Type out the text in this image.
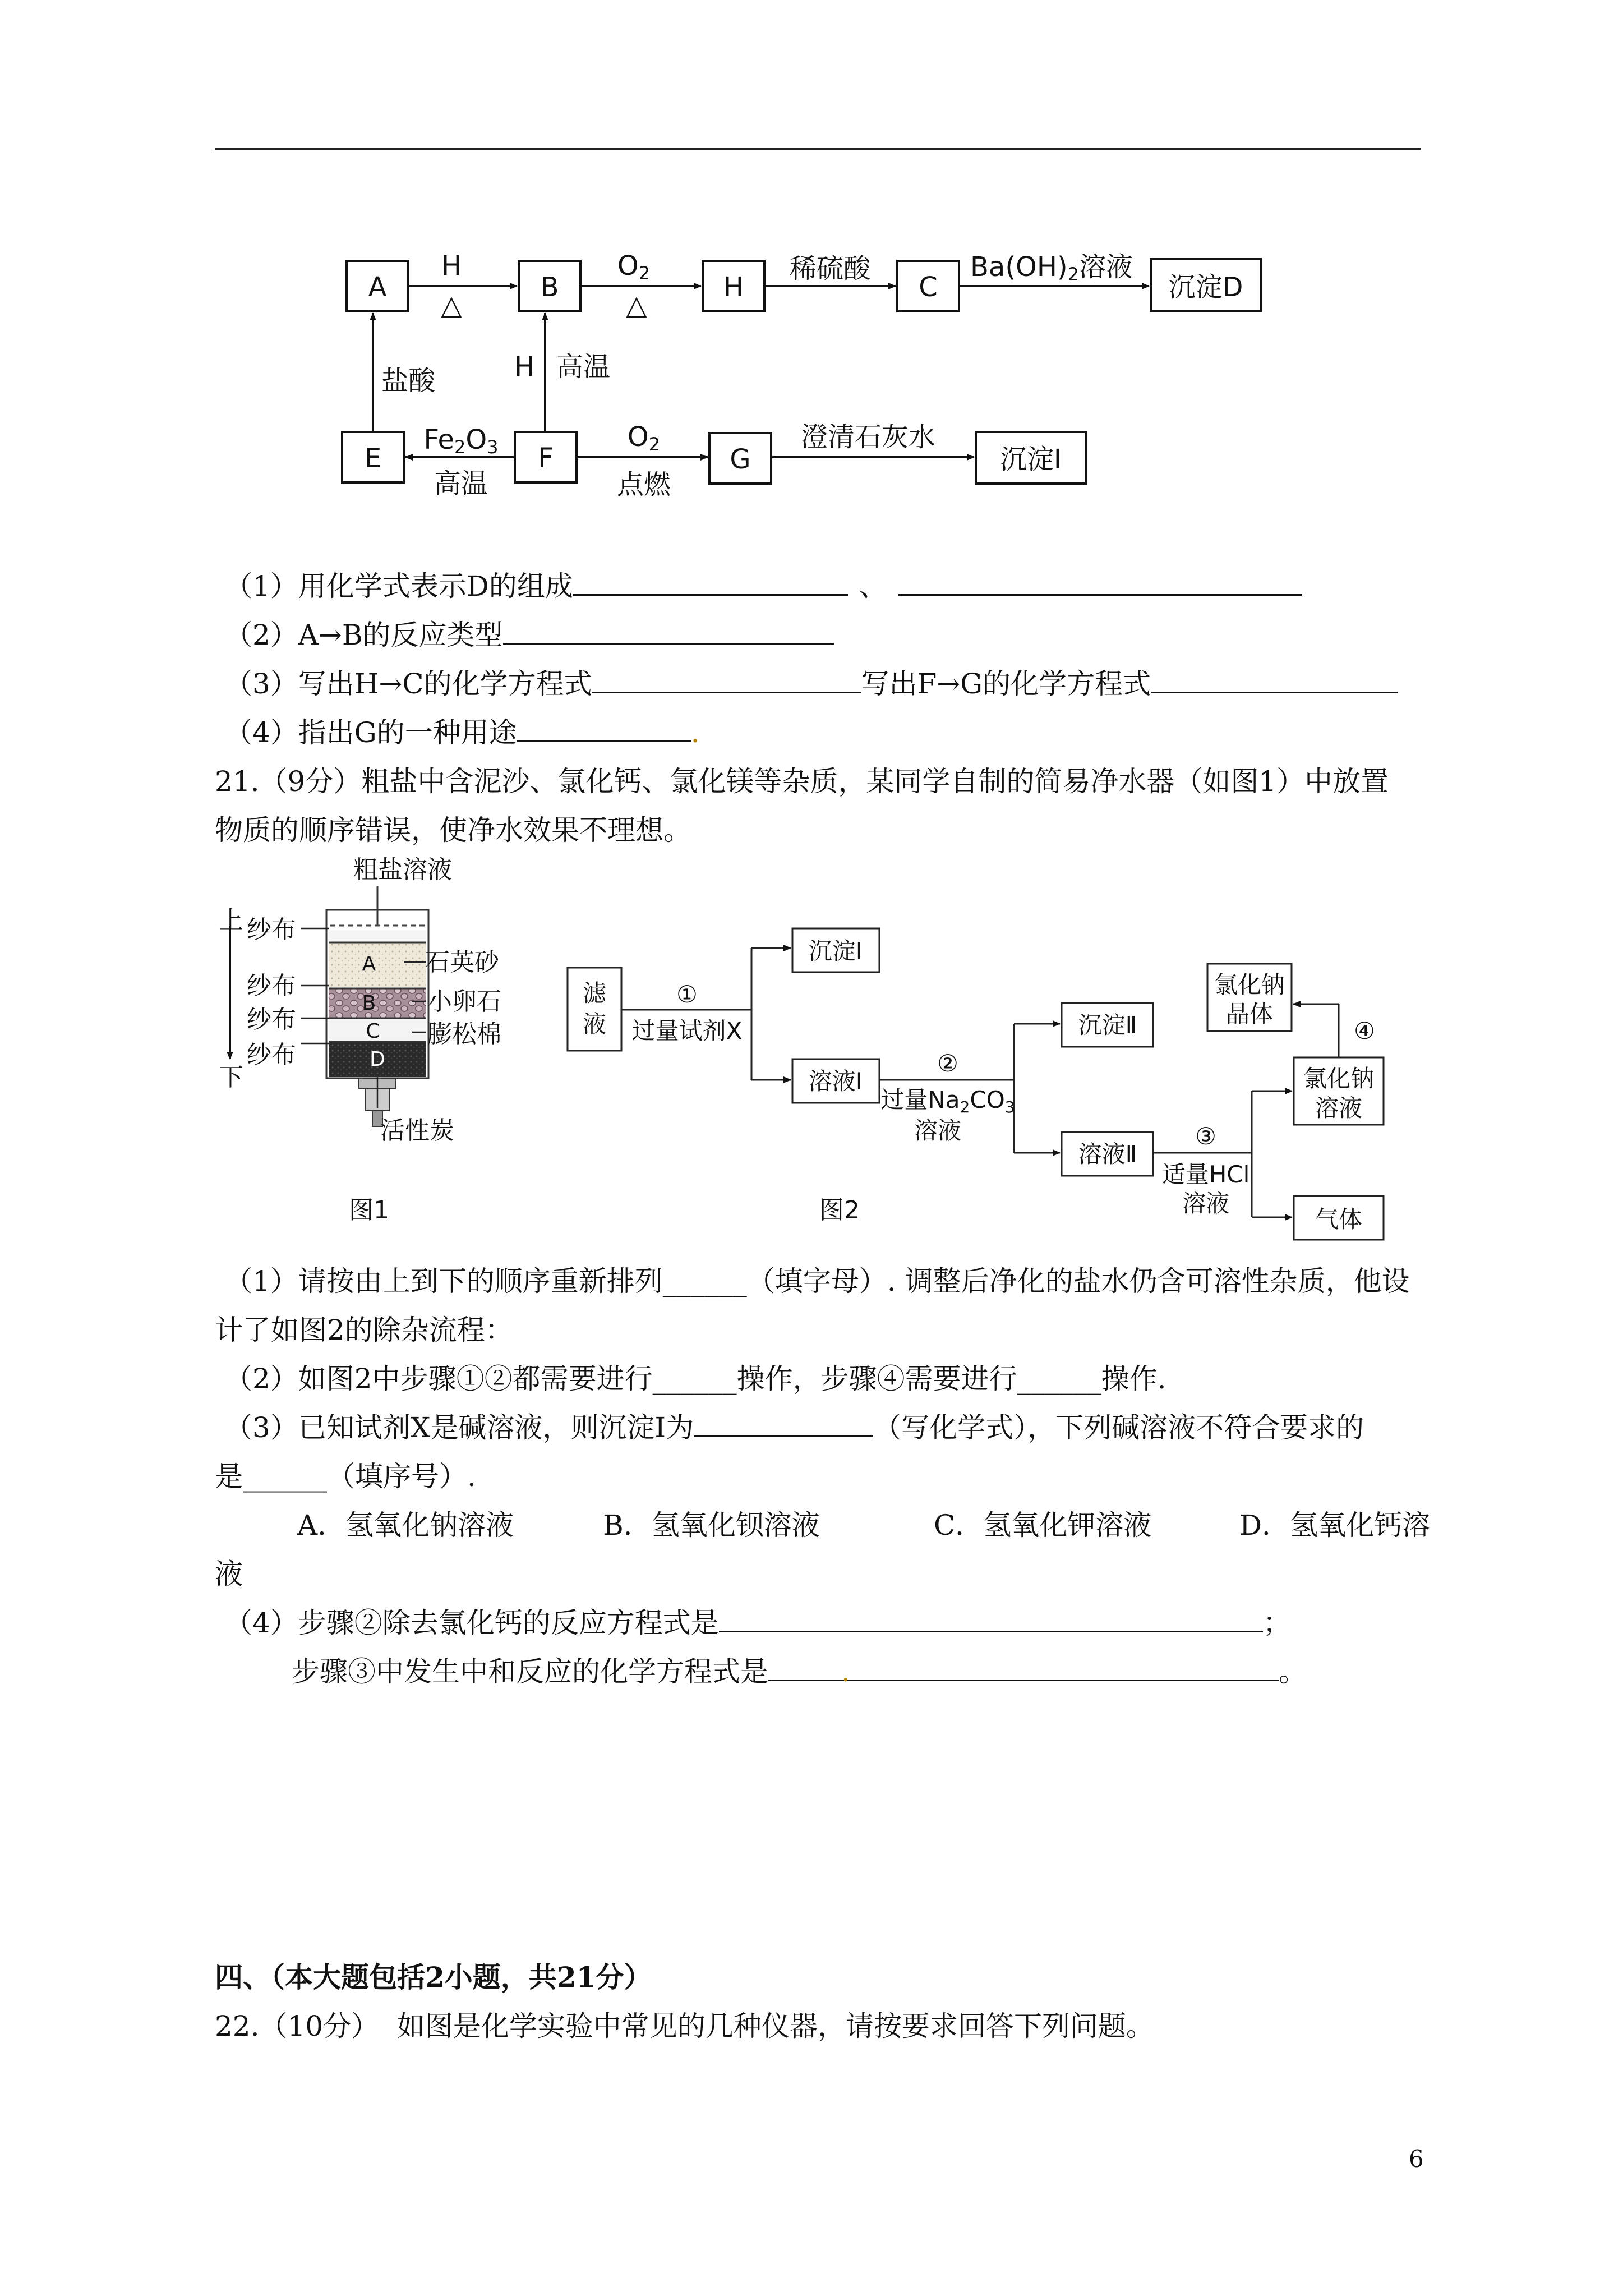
A	B	H	C	沉淀D
E	F	G	沉淀I
H
△
O2
△
稀硫酸	Ba(OH)2溶液
盐酸	H 高温
Fe2O3
高温
O2
点燃
澄清石灰水
（1）用化学式表示D的组成	、
（2）A→B的反应类型
（3）写出H→C的化学方程式	写出F→G的化学方程式
（4）指出G的一种用途	.
21.（9分）粗盐中含泥沙、氯化钙、氯化镁等杂质，某同学自制的简易净水器（如图1）中放置
物质的顺序错误，使净水效果不理想。
粗盐溶液
上
下
纱布
纱布
纱布
纱布
石英砂
小卵石
膨松棉
活性炭
图1
A
B
C
D
滤
液
①
过量试剂X
沉淀Ⅰ
溶液Ⅰ
②
过量Na2CO3
溶液
沉淀Ⅱ
溶液Ⅱ
③
适量HCl
溶液
氯化钠
晶体
④
氯化钠
溶液
气体
图2
（1）请按由上到下的顺序重新排列______（填字母）. 调整后净化的盐水仍含可溶性杂质，他设
计了如图2的除杂流程：
（2）如图2中步骤①②都需要进行______操作，步骤④需要进行______操作.
（3）已知试剂X是碱溶液，则沉淀Ⅰ为	（写化学式），下列碱溶液不符合要求的
是______（填序号）.
A．氢氧化钠溶液	B．氢氧化钡溶液	C．氢氧化钾溶液	D．氢氧化钙溶
液
（4）步骤②除去氯化钙的反应方程式是	；
步骤③中发生中和反应的化学方程式是	.	。
四、（本大题包括2小题，共21分）
22.（10分）  如图是化学实验中常见的几种仪器，请按要求回答下列问题。
6
